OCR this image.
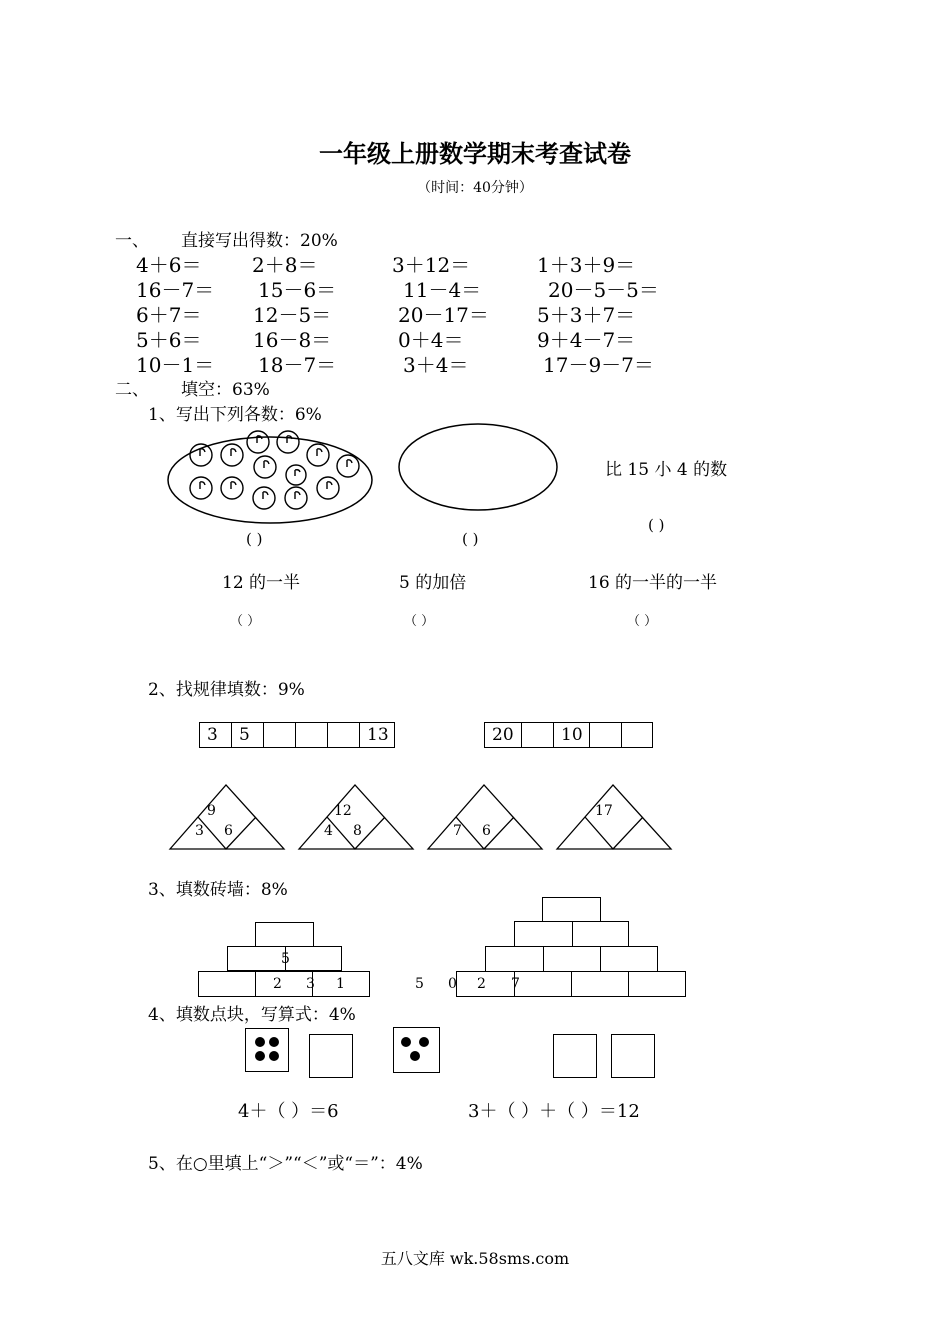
一年级上册数学期末考查试卷
（时间：40分钟）
一、 直接写出得数：20%
4＋6＝	2＋8＝	3＋12＝	1＋3＋9＝
16－7＝ 15－6＝	11－4＝	20－5－5＝
6＋7＝	12－5＝	20－17＝ 5＋3＋7＝
5＋6＝	16－8＝	0＋4＝	9＋4－7＝
10－1＝ 18－7＝	3＋4＝	17－9－7＝
二、 填空：63%
1、写出下列各数：6%
比 15 小 4 的数
( )
( )	( )
12 的一半	5 的加倍	16 的一半的一半
（ ）	（ ）	（ ）
2、找规律填数：9%
3	5	13	20	10
9
3 6
12
4 8	7 6
17
3、填数砖墙：8%
5
2 3 1	5 0 2 7
4、填数点块，写算式：4%
4＋（ ）＝6	3＋（ ）＋（ ）＝12
5、在○里填上“＞”“＜”或“＝”：4%
五八文库 wk.58sms.com
